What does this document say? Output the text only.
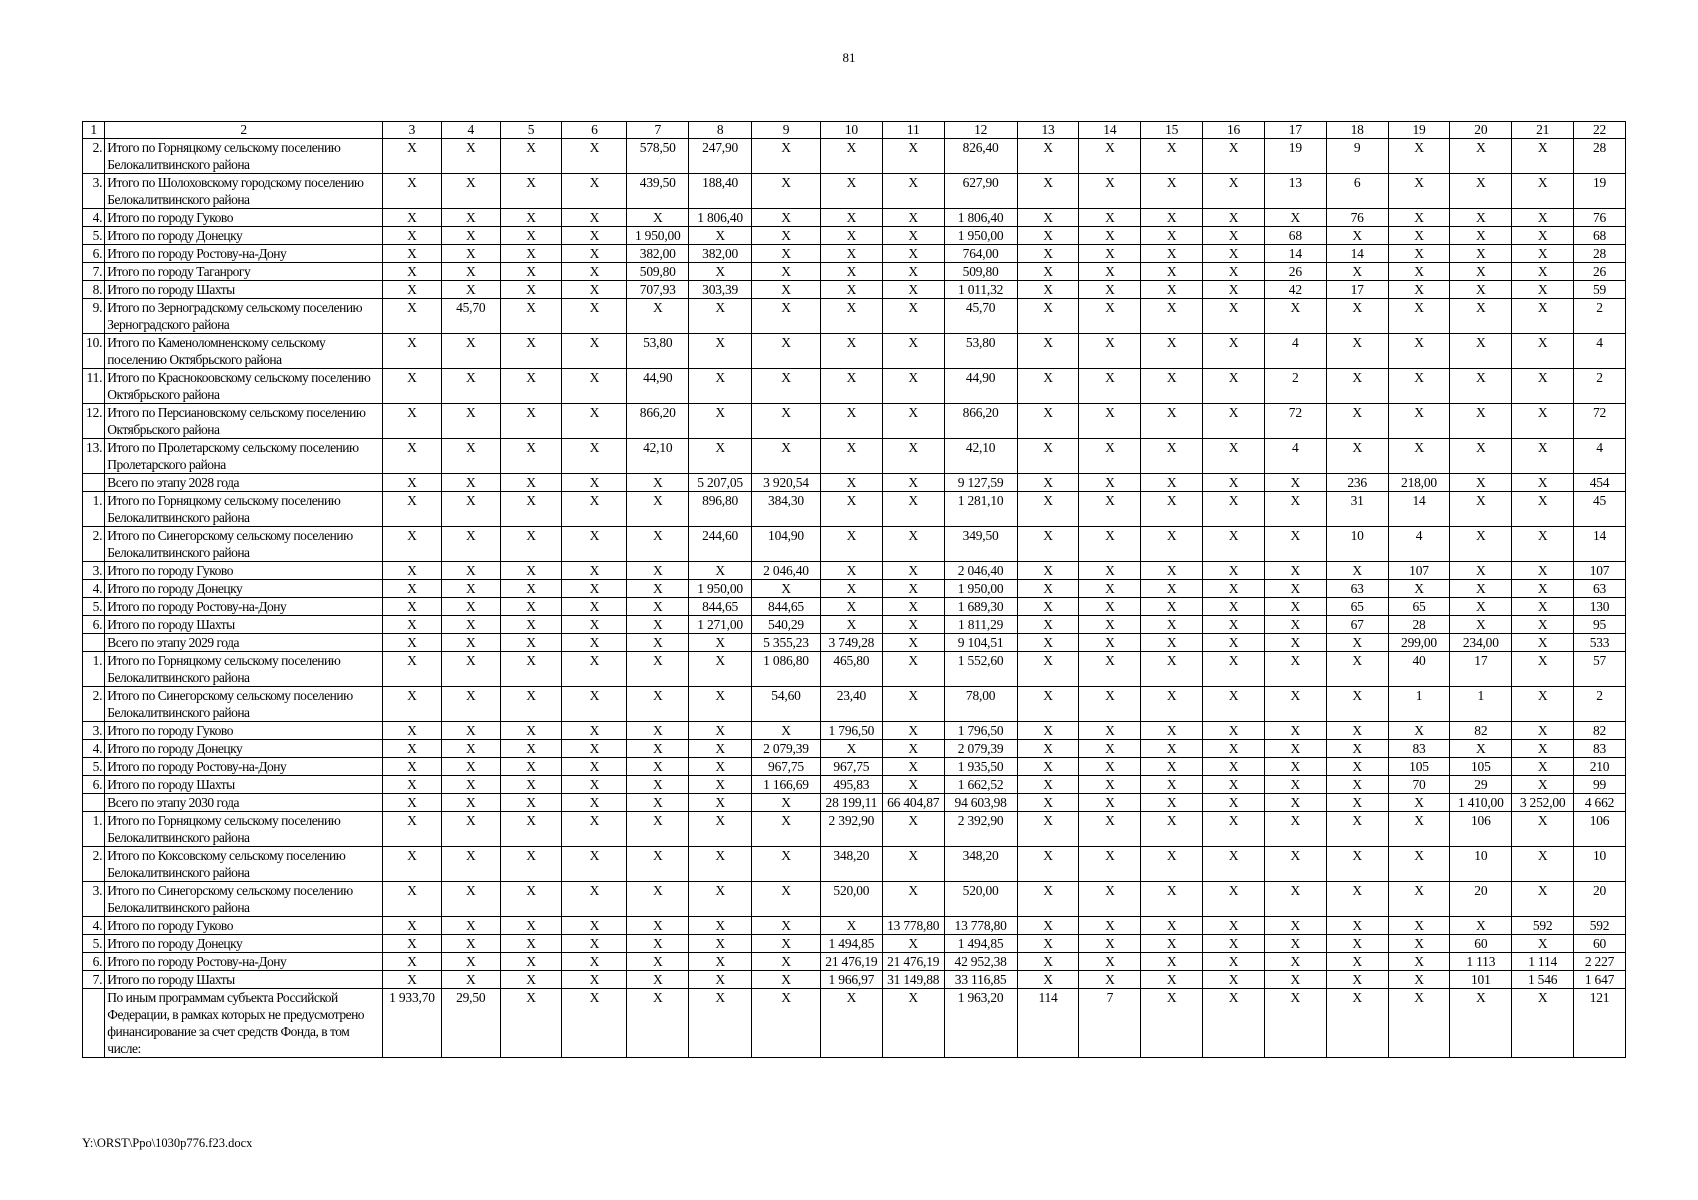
81
1	2	3	4	5	6	7	8	9	10	11	12	13	14	15	16	17	18	19	20	21	22
2.	Итого по Горняцкому сельскому поселению Белокалитвинского района	X	X	X	X	578,50	247,90	X	X	X	826,40	X	X	X	X	19	9	X	X	X	28
3.	Итого по Шолоховскому городскому поселению Белокалитвинского района	X	X	X	X	439,50	188,40	X	X	X	627,90	X	X	X	X	13	6	X	X	X	19
4.	Итого по городу Гуково	X	X	X	X	X	1 806,40	X	X	X	1 806,40	X	X	X	X	X	76	X	X	X	76
5.	Итого по городу Донецку	X	X	X	X	1 950,00	X	X	X	X	1 950,00	X	X	X	X	68	X	X	X	X	68
6.	Итого по городу Ростову-на-Дону	X	X	X	X	382,00	382,00	X	X	X	764,00	X	X	X	X	14	14	X	X	X	28
7.	Итого по городу Таганрогу	X	X	X	X	509,80	X	X	X	X	509,80	X	X	X	X	26	X	X	X	X	26
8.	Итого по городу Шахты	X	X	X	X	707,93	303,39	X	X	X	1 011,32	X	X	X	X	42	17	X	X	X	59
9.	Итого по Зерноградскому сельскому поселению Зерноградского района	X	45,70	X	X	X	X	X	X	X	45,70	X	X	X	X	X	X	X	X	X	2
10.	Итого по Каменоломненскому сельскому поселению Октябрьского района	X	X	X	X	53,80	X	X	X	X	53,80	X	X	X	X	4	X	X	X	X	4
11.	Итого по Краснокоовскому сельскому поселению Октябрьского района	X	X	X	X	44,90	X	X	X	X	44,90	X	X	X	X	2	X	X	X	X	2
12.	Итого по Персиановскому сельскому поселению Октябрьского района	X	X	X	X	866,20	X	X	X	X	866,20	X	X	X	X	72	X	X	X	X	72
13.	Итого по Пролетарскому сельскому поселению Пролетарского района	X	X	X	X	42,10	X	X	X	X	42,10	X	X	X	X	4	X	X	X	X	4
	Всего по этапу 2028 года	X	X	X	X	X	5 207,05	3 920,54	X	X	9 127,59	X	X	X	X	X	236	218,00	X	X	454
1.	Итого по Горняцкому сельскому поселению Белокалитвинского района	X	X	X	X	X	896,80	384,30	X	X	1 281,10	X	X	X	X	X	31	14	X	X	45
2.	Итого по Синегорскому сельскому поселению Белокалитвинского района	X	X	X	X	X	244,60	104,90	X	X	349,50	X	X	X	X	X	10	4	X	X	14
3.	Итого по городу Гуково	X	X	X	X	X	X	2 046,40	X	X	2 046,40	X	X	X	X	X	X	107	X	X	107
4.	Итого по городу Донецку	X	X	X	X	X	1 950,00	X	X	X	1 950,00	X	X	X	X	X	63	X	X	X	63
5.	Итого по городу Ростову-на-Дону	X	X	X	X	X	844,65	844,65	X	X	1 689,30	X	X	X	X	X	65	65	X	X	130
6.	Итого по городу Шахты	X	X	X	X	X	1 271,00	540,29	X	X	1 811,29	X	X	X	X	X	67	28	X	X	95
	Всего по этапу 2029 года	X	X	X	X	X	X	5 355,23	3 749,28	X	9 104,51	X	X	X	X	X	X	299,00	234,00	X	533
1.	Итого по Горняцкому сельскому поселению Белокалитвинского района	X	X	X	X	X	X	1 086,80	465,80	X	1 552,60	X	X	X	X	X	X	40	17	X	57
2.	Итого по Синегорскому сельскому поселению Белокалитвинского района	X	X	X	X	X	X	54,60	23,40	X	78,00	X	X	X	X	X	X	1	1	X	2
3.	Итого по городу Гуково	X	X	X	X	X	X	X	1 796,50	X	1 796,50	X	X	X	X	X	X	X	82	X	82
4.	Итого по городу Донецку	X	X	X	X	X	X	2 079,39	X	X	2 079,39	X	X	X	X	X	X	83	X	X	83
5.	Итого по городу Ростову-на-Дону	X	X	X	X	X	X	967,75	967,75	X	1 935,50	X	X	X	X	X	X	105	105	X	210
6.	Итого по городу Шахты	X	X	X	X	X	X	1 166,69	495,83	X	1 662,52	X	X	X	X	X	X	70	29	X	99
	Всего по этапу 2030 года	X	X	X	X	X	X	X	28 199,11	66 404,87	94 603,98	X	X	X	X	X	X	X	1 410,00	3 252,00	4 662
1.	Итого по Горняцкому сельскому поселению Белокалитвинского района	X	X	X	X	X	X	X	2 392,90	X	2 392,90	X	X	X	X	X	X	X	106	X	106
2.	Итого по Коксовскому сельскому поселению Белокалитвинского района	X	X	X	X	X	X	X	348,20	X	348,20	X	X	X	X	X	X	X	10	X	10
3.	Итого по Синегорскому сельскому поселению Белокалитвинского района	X	X	X	X	X	X	X	520,00	X	520,00	X	X	X	X	X	X	X	20	X	20
4.	Итого по городу Гуково	X	X	X	X	X	X	X	X	13 778,80	13 778,80	X	X	X	X	X	X	X	X	592	592
5.	Итого по городу Донецку	X	X	X	X	X	X	X	1 494,85	X	1 494,85	X	X	X	X	X	X	X	60	X	60
6.	Итого по городу Ростову-на-Дону	X	X	X	X	X	X	X	21 476,19	21 476,19	42 952,38	X	X	X	X	X	X	X	1 113	1 114	2 227
7.	Итого по городу Шахты	X	X	X	X	X	X	X	1 966,97	31 149,88	33 116,85	X	X	X	X	X	X	X	101	1 546	1 647
	По иным программам субъекта Российской Федерации, в рамках которых не предусмотрено финансирование за счет средств Фонда, в том числе:	1 933,70	29,50	X	X	X	X	X	X	X	1 963,20	114	7	X	X	X	X	X	X	X	121
Y:\ORST\Ppo\1030p776.f23.docx
